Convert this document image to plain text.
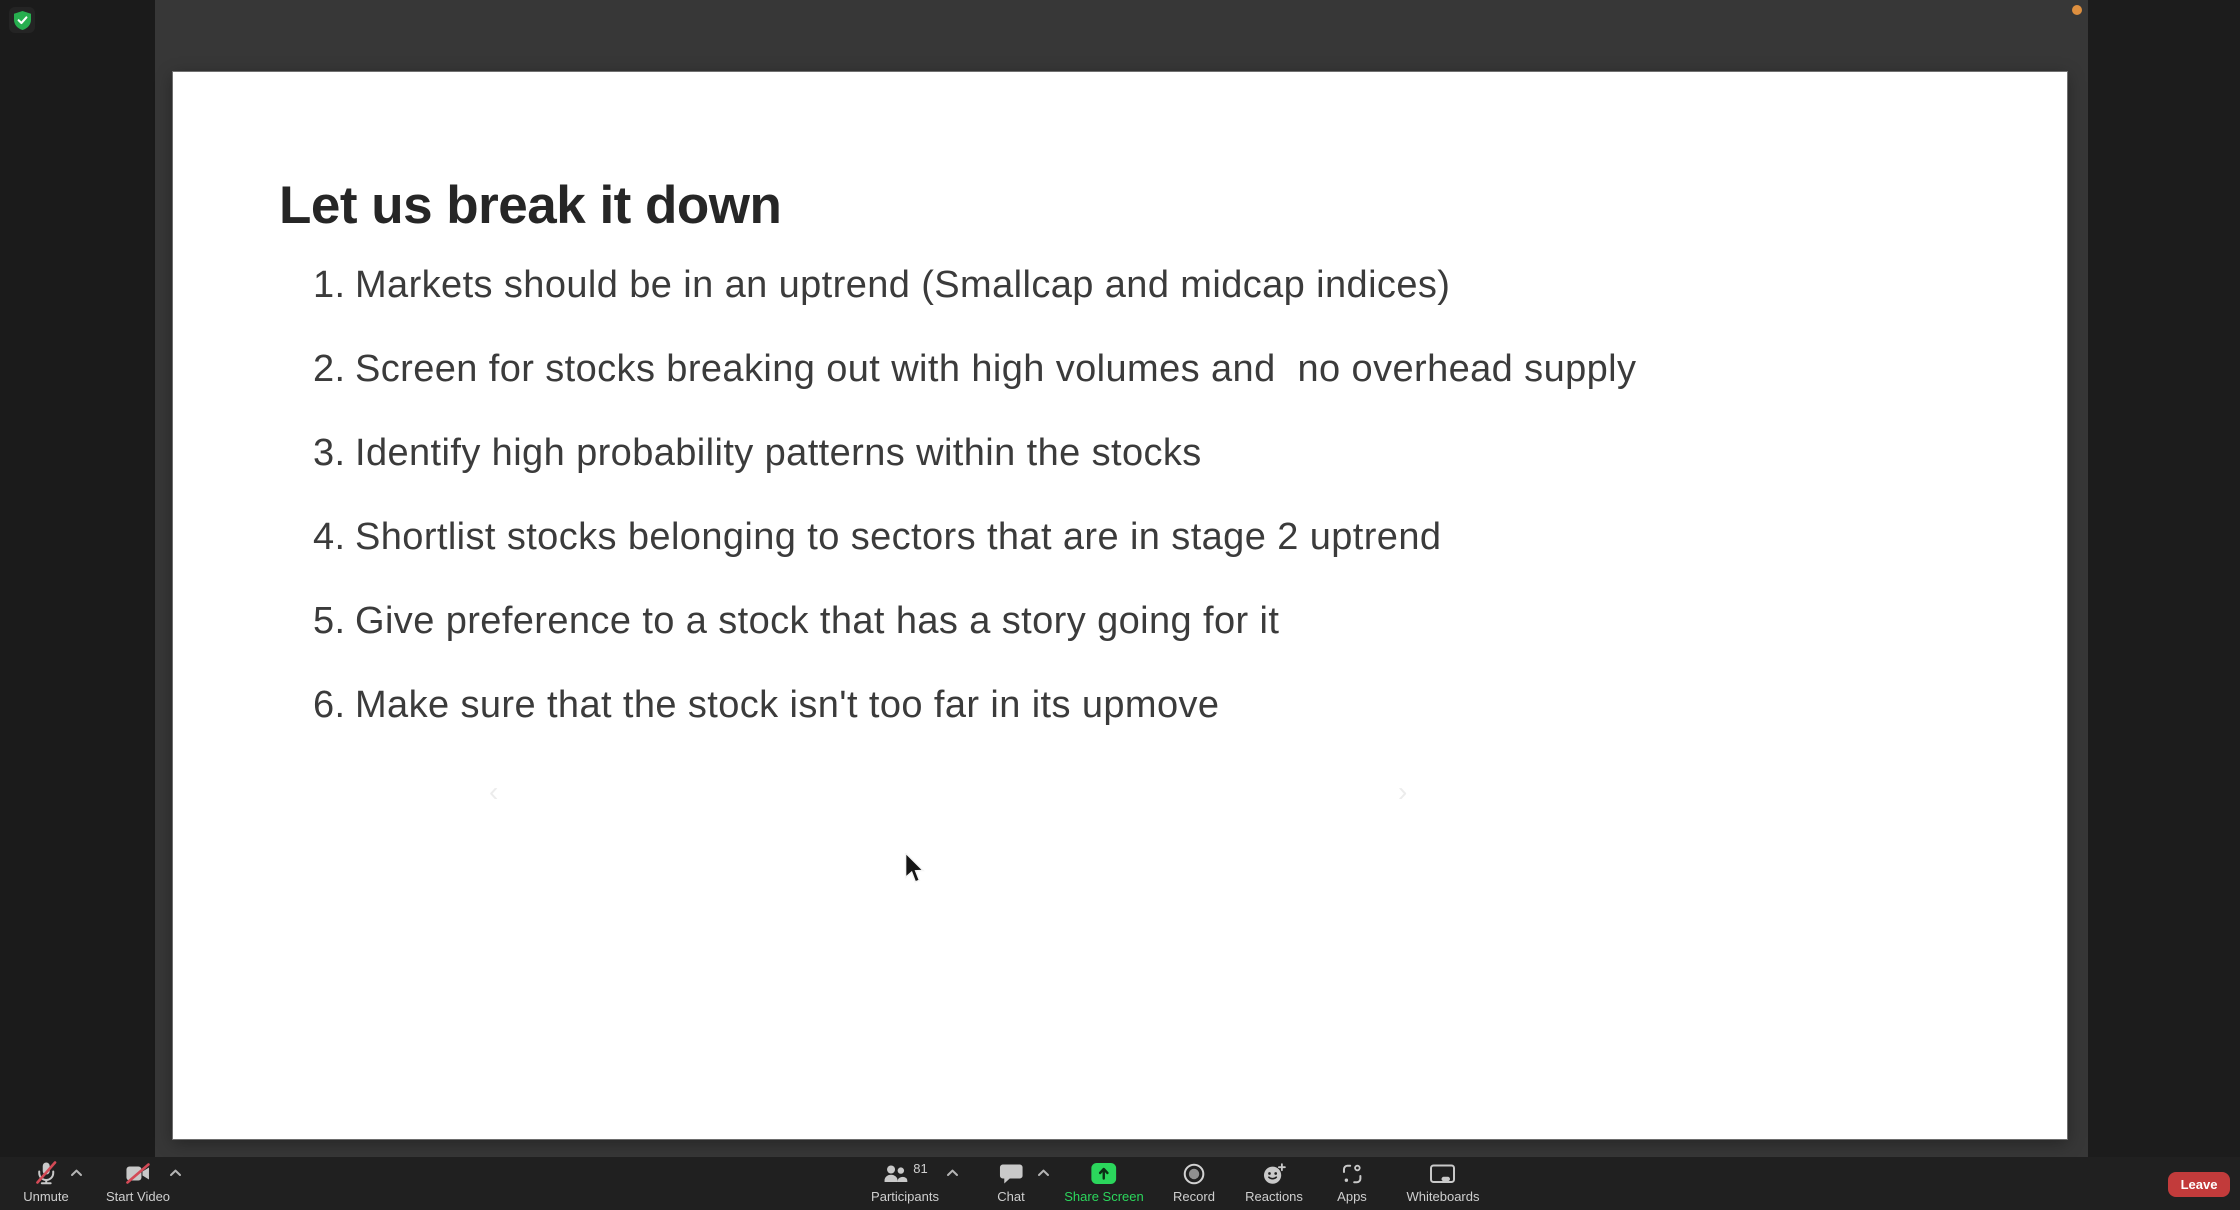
Let us break it down
1. Markets should be in an uptrend (Smallcap and midcap indices)
2. Screen for stocks breaking out with high volumes and  no overhead supply
3. Identify high probability patterns within the stocks
4. Shortlist stocks belonging to sectors that are in stage 2 uptrend
5. Give preference to a stock that has a story going for it
6. Make sure that the stock isn't too far in its upmove
‹	›
Unmute	Start Video
81
Participants	Chat	Share Screen Record Reactions	Apps	Whiteboards
Leave
